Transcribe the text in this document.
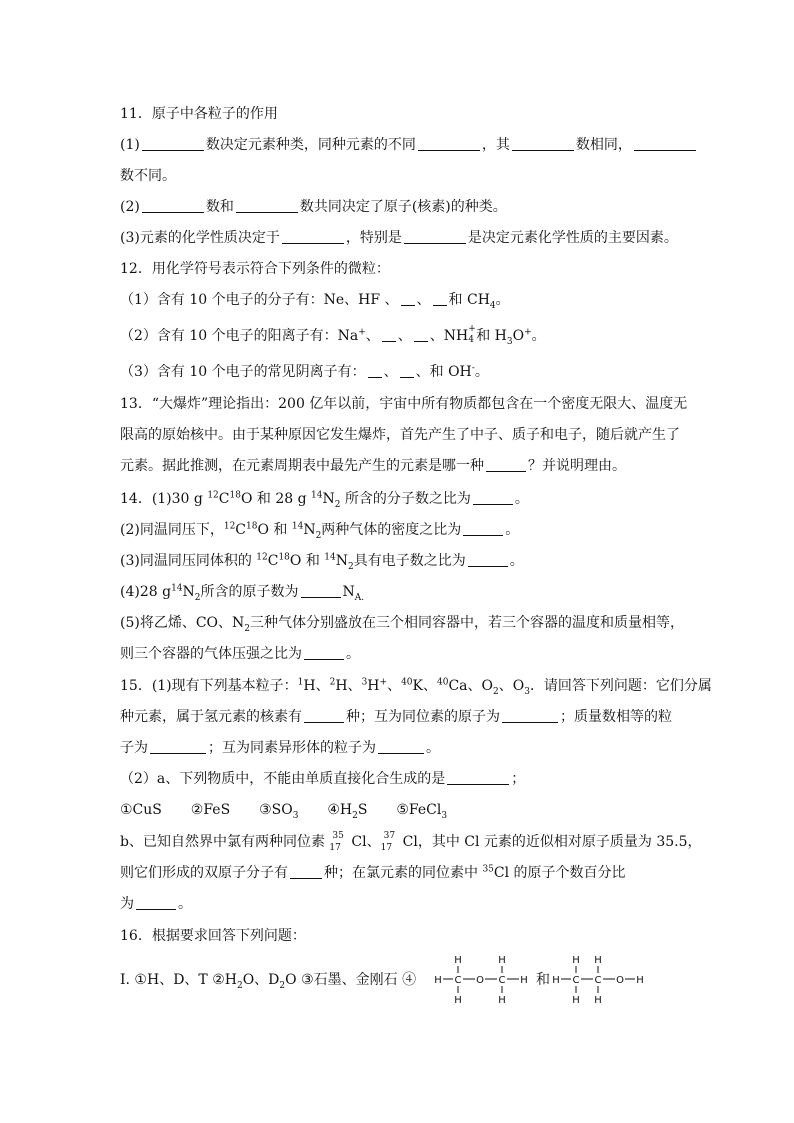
11．原子中各粒子的作用
(1)	数决定元素种类，同种元素的不同	，其	数相同，
数不同。
(2)	数和	数共同决定了原子(核素)的种类。
(3)元素的化学性质决定于	，特别是	是决定元素化学性质的主要因素。
12．用化学符号表示符合下列条件的微粒：
（1）含有 10 个电子的分子有：Ne、HF 、 、 和 $CH_4$。
（2）含有 10 个电子的阳离子有：Na+、 、 、NH +
4 和 $H_3O^+$。
（3）含有 10 个电子的常见阴离子有： 、 、和 OH-。
13．“大爆炸”理论指出：200 亿年以前，宇宙中所有物质都包含在一个密度无限大、温度无
限高的原始核中。由于某种原因它发生爆炸，首先产生了中子、质子和电子，随后就产生了
元素。据此推测，在元素周期表中最先产生的元素是哪一种	？并说明理由。
14．(1)30 g $^{12}C^{18}O$ 和 28 g $^{14}N_2$ 所含的分子数之比为	。
(2)同温同压下，$^{12}C^{18}O$ 和 $^{14}N_2$两种气体的密度之比为	。
(3)同温同压同体积的 $^{12}C^{18}O$ 和 $^{14}N_2$具有电子数之比为	。
(4)28 $g^{14}N_2$所含的原子数为	$N_{A.}$
(5)将乙烯、CO、$N_2$三种气体分别盛放在三个相同容器中，若三个容器的温度和质量相等，
则三个容器的气体压强之比为	。
15．(1)现有下列基本粒子：$^1$H、$^2$H、$^3$H+、$^{40}$K、$^{40}$Ca、$O_2$、$O_3$．请回答下列问题：它们分属
种元素，属于氢元素的核素有	种；互为同位素的原子为	；质量数相等的粒
子为	；互为同素异形体的粒子为	。
（2）a、下列物质中，不能由单质直接化合生成的是	；
①CuS ②FeS $③SO_3$ $④H_2S$ ⑤FeCl$_3$
b、已知自然界中氯有两种同位素 35
17 Cl、 37
17 Cl，其中 Cl 元素的近似相对原子质量为 35.5，
则它们形成的双原子分子有	种；在氯元素的同位素中 $^{35}$Cl 的原子个数百分比
为	。
16．根据要求回答下列问题：
I. ①H、D、T $②H_2O$、$D_2O$ ③石墨、金刚石 ④ H C
H
H
O C
H
H
H 和 H C
H
H
C
H
H
O H
